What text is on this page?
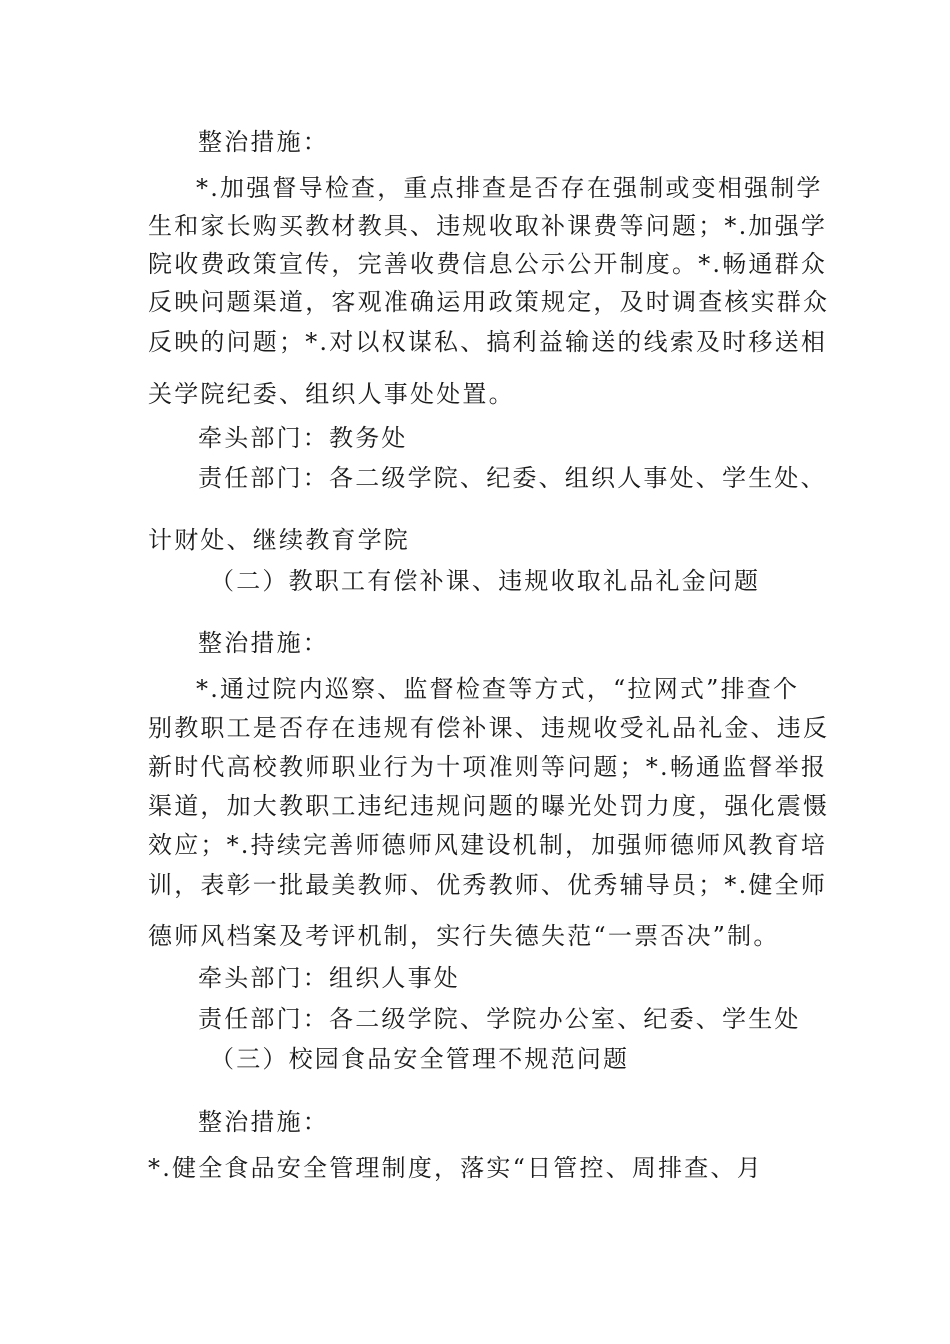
整治措施：
*.加强督导检查，重点排查是否存在强制或变相强制学
生和家长购买教材教具、违规收取补课费等问题；*.加强学
院收费政策宣传，完善收费信息公示公开制度。*.畅通群众
反映问题渠道，客观准确运用政策规定，及时调查核实群众
反映的问题；*.对以权谋私、搞利益输送的线索及时移送相
关学院纪委、组织人事处处置。
牵头部门：教务处
责任部门：各二级学院、纪委、组织人事处、学生处、
计财处、继续教育学院
（二）教职工有偿补课、违规收取礼品礼金问题
整治措施：
*.通过院内巡察、监督检查等方式，“拉网式”排查个
别教职工是否存在违规有偿补课、违规收受礼品礼金、违反
新时代高校教师职业行为十项准则等问题；*.畅通监督举报
渠道，加大教职工违纪违规问题的曝光处罚力度，强化震慑
效应；*.持续完善师德师风建设机制，加强师德师风教育培
训，表彰一批最美教师、优秀教师、优秀辅导员；*.健全师
德师风档案及考评机制，实行失德失范“一票否决”制。
牵头部门：组织人事处
责任部门：各二级学院、学院办公室、纪委、学生处
（三）校园食品安全管理不规范问题
整治措施：
*.健全食品安全管理制度，落实“日管控、周排查、月
